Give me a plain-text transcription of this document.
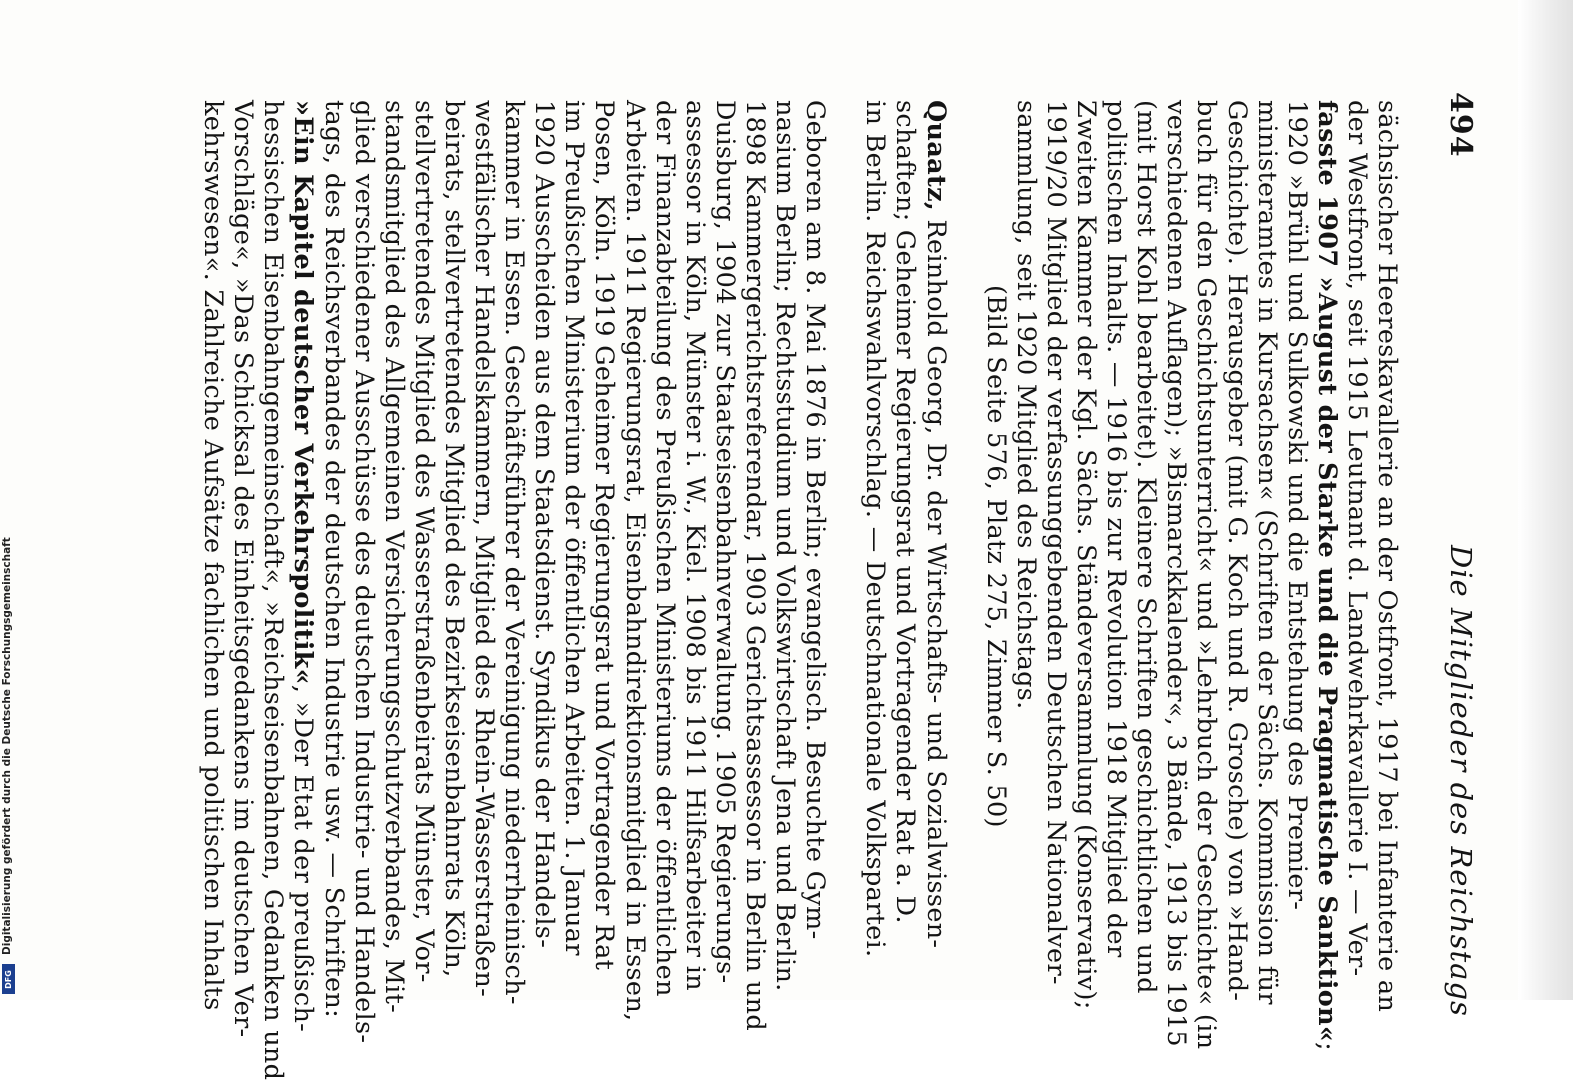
494
Die Mitglieder des Reichstags
sächsischer Heereskavallerie an der Ostfront, 1917 bei Infanterie an
der Westfront, seit 1915 Leutnant d. Landwehrkavallerie I. — Ver-
fasste 1907 »August der Starke und die Pragmatische Sanktion«;
1920 »Brühl und Sulkowski und die Entstehung des Premier-
ministeramtes in Kursachsen« (Schriften der Sächs. Kommission für
Geschichte). Herausgeber (mit G. Koch und R. Grosche) von »Hand-
buch für den Geschichtsunterricht« und »Lehrbuch der Geschichte« (in
verschiedenen Auflagen); »Bismarckkalender«, 3 Bände, 1913 bis 1915
(mit Horst Kohl bearbeitet). Kleinere Schriften geschichtlichen und
politischen Inhalts. — 1916 bis zur Revolution 1918 Mitglied der
Zweiten Kammer der Kgl. Sächs. Ständeversammlung (Konservativ);
1919/20 Mitglied der verfassunggebenden Deutschen Nationalver-
sammlung, seit 1920 Mitglied des Reichstags.
(Bild Seite 576, Platz 275, Zimmer S. 50)
Quaatz, Reinhold Georg, Dr. der Wirtschafts- und Sozialwissen-
schaften; Geheimer Regierungsrat und Vortragender Rat a. D.
in Berlin. Reichswahlvorschlag. — Deutschnationale Volkspartei.
Geboren am 8. Mai 1876 in Berlin; evangelisch. Besuchte Gym-
nasium Berlin; Rechtsstudium und Volkswirtschaft Jena und Berlin.
1898 Kammergerichtsreferendar, 1903 Gerichtsassessor in Berlin und
Duisburg, 1904 zur Staatseisenbahnverwaltung. 1905 Regierungs-
assessor in Köln, Münster i. W., Kiel. 1908 bis 1911 Hilfsarbeiter in
der Finanzabteilung des Preußischen Ministeriums der öffentlichen
Arbeiten. 1911 Regierungsrat, Eisenbahndirektionsmitglied in Essen,
Posen, Köln. 1919 Geheimer Regierungsrat und Vortragender Rat
im Preußischen Ministerium der öffentlichen Arbeiten. 1. Januar
1920 Ausscheiden aus dem Staatsdienst. Syndikus der Handels-
kammer in Essen. Geschäftsführer der Vereinigung niederrheinisch-
westfälischer Handelskammern, Mitglied des Rhein-Wasserstraßen-
beirats, stellvertretendes Mitglied des Bezirkseisenbahnrats Köln,
stellvertretendes Mitglied des Wasserstraßenbeirats Münster, Vor-
standsmitglied des Allgemeinen Versicherungsschutzverbandes, Mit-
glied verschiedener Ausschüsse des deutschen Industrie- und Handels-
tags, des Reichsverbandes der deutschen Industrie usw. — Schriften:
»Ein Kapitel deutscher Verkehrspolitik«, »Der Etat der preußisch-
hessischen Eisenbahngemeinschaft«, »Reichseisenbahnen, Gedanken und
Vorschläge«, »Das Schicksal des Einheitsgedankens im deutschen Ver-
kehrswesen«. Zahlreiche Aufsätze fachlichen und politischen Inhalts
Digitalisierung gefördert durch die Deutsche Forschungsgemeinschaft
DFG
